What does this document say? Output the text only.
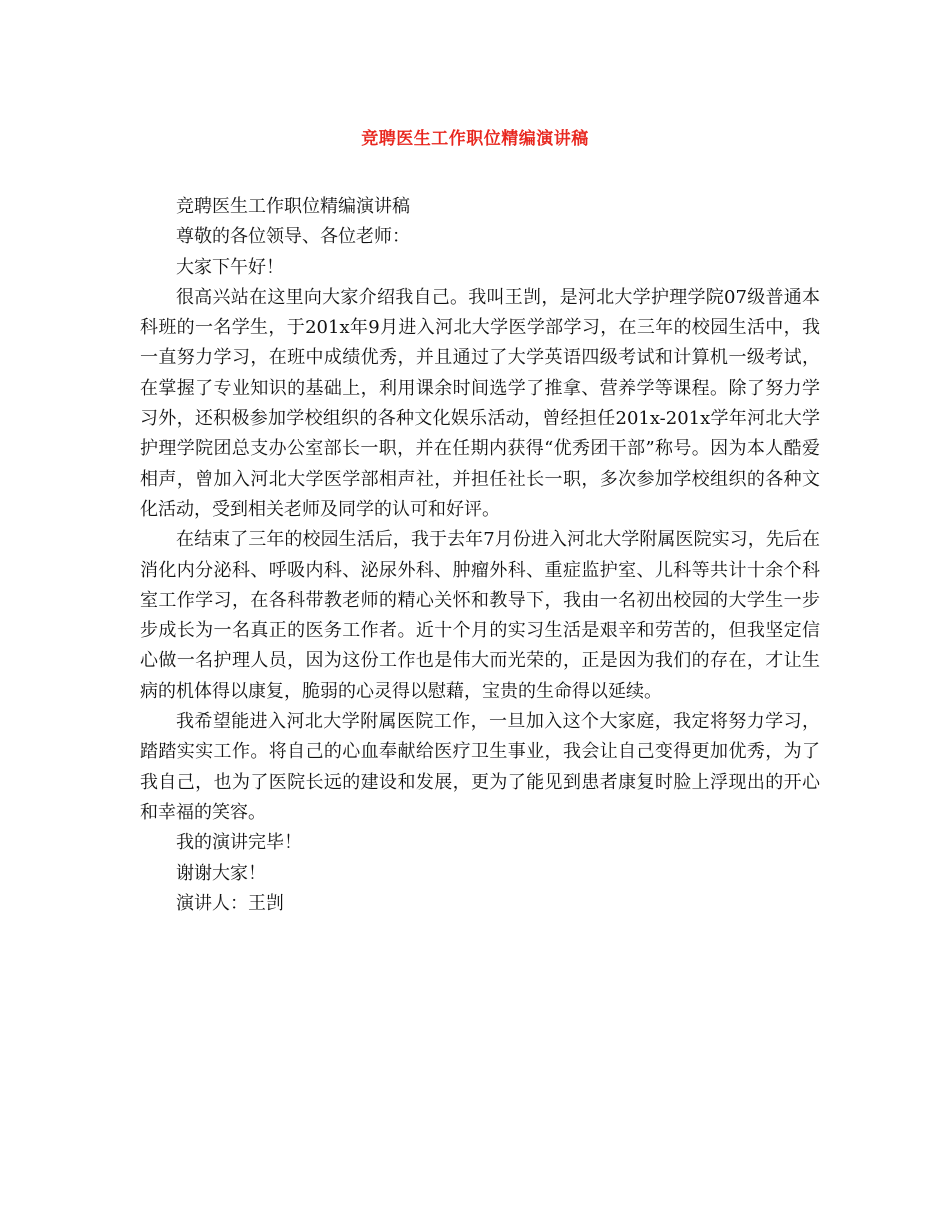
竞聘医生工作职位精编演讲稿

竞聘医生工作职位精编演讲稿

尊敬的各位领导、各位老师：

大家下午好！

很高兴站在这里向大家介绍我自己。我叫王剀，是河北大学护理学院07级普通本科班的一名学生，于201x年9月进入河北大学医学部学习，在三年的校园生活中，我一直努力学习，在班中成绩优秀，并且通过了大学英语四级考试和计算机一级考试，在掌握了专业知识的基础上，利用课余时间选学了推拿、营养学等课程。除了努力学习外，还积极参加学校组织的各种文化娱乐活动，曾经担任201x-201x学年河北大学护理学院团总支办公室部长一职，并在任期内获得“优秀团干部”称号。因为本人酷爱相声，曾加入河北大学医学部相声社，并担任社长一职，多次参加学校组织的各种文化活动，受到相关老师及同学的认可和好评。

在结束了三年的校园生活后，我于去年7月份进入河北大学附属医院实习，先后在消化内分泌科、呼吸内科、泌尿外科、肿瘤外科、重症监护室、儿科等共计十余个科室工作学习，在各科带教老师的精心关怀和教导下，我由一名初出校园的大学生一步步成长为一名真正的医务工作者。近十个月的实习生活是艰辛和劳苦的，但我坚定信心做一名护理人员，因为这份工作也是伟大而光荣的，正是因为我们的存在，才让生病的机体得以康复，脆弱的心灵得以慰藉，宝贵的生命得以延续。

我希望能进入河北大学附属医院工作，一旦加入这个大家庭，我定将努力学习，踏踏实实工作。将自己的心血奉献给医疗卫生事业，我会让自己变得更加优秀，为了我自己，也为了医院长远的建设和发展，更为了能见到患者康复时脸上浮现出的开心和幸福的笑容。

我的演讲完毕！

谢谢大家！

演讲人：王剀
